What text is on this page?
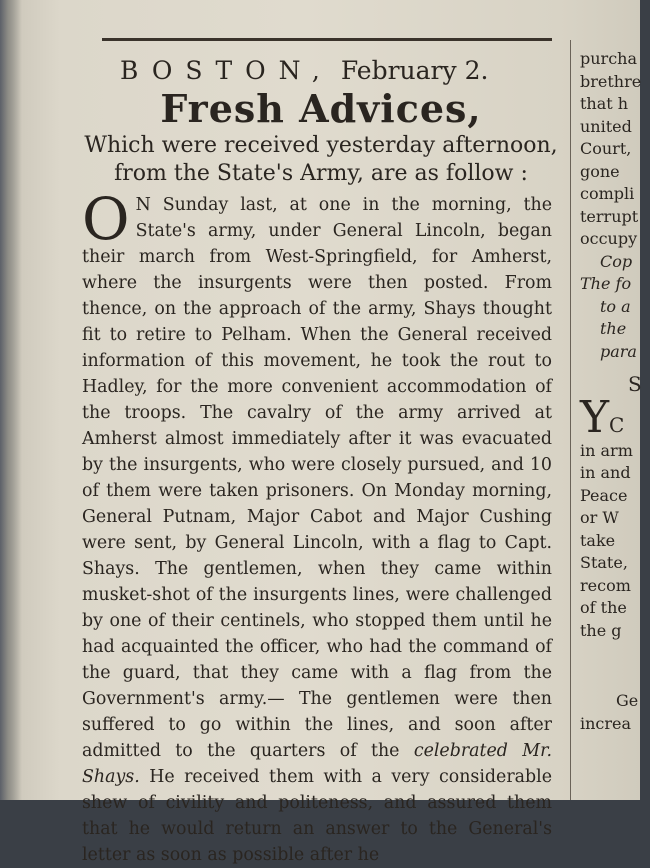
BOSTON, February 2.
Fresh Advices,
Which were received yesterday afternoon,
from the State's Army, are as follow :

O N Sunday last, at one in the morning, the State's army, under General Lincoln, began their march from West-Springfield, for Amherst, where the insurgents were then posted. From thence, on the approach of the army, Shays thought fit to retire to Pelham. When the General received information of this movement, he took the rout to Hadley, for the more convenient accommodation of the troops. The cavalry of the army arrived at Amherst almost immediately after it was evacuated by the insurgents, who were closely pursued, and 10 of them were taken prisoners. On Monday morning, General Putnam, Major Cabot and Major Cushing were sent, by General Lincoln, with a flag to Capt. Shays. The gentlemen, when they came within musket-shot of the insurgents lines, were challenged by one of their centinels, who stopped them until he had acquainted the officer, who had the command of the guard, that they came with a flag from the Government's army.— The gentlemen were then suffered to go within the lines, and soon after admitted to the quarters of the celebrated Mr. Shays. He received them with a very considerable shew of civility and politeness, and assured them that he would return an answer to the General's letter as soon as possible after he

purcha
brethre
that h
united
Court,
gone
compli
terrupt
occupy
Cop
The fo
to a
the
para
S
YC
in arm
in and
Peace
or W
take
State,
recom
of the
the g
Ge
increa
